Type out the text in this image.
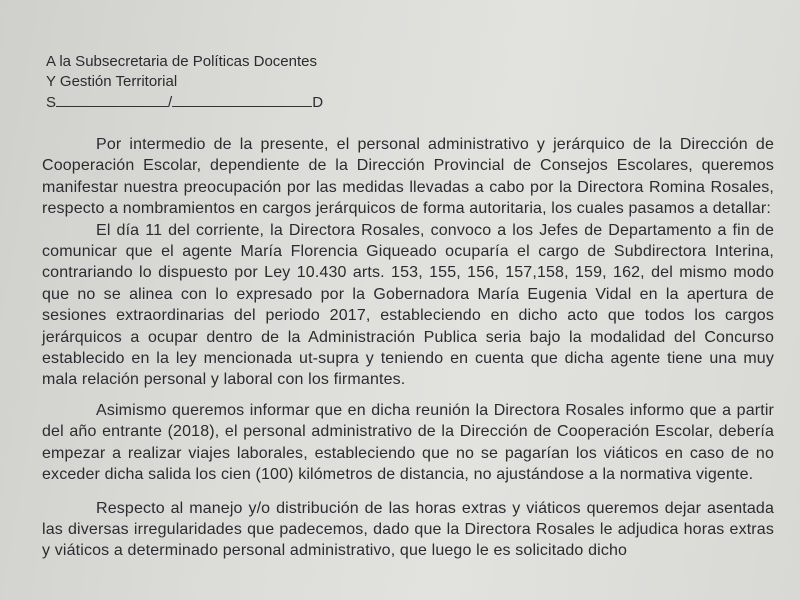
A la Subsecretaria de Políticas Docentes
Y Gestión Territorial
S	/	D

Por intermedio de la presente, el personal administrativo y jerárquico de la Dirección de Cooperación Escolar, dependiente de la Dirección Provincial de Consejos Escolares, queremos manifestar nuestra preocupación por las medidas llevadas a cabo por la Directora Romina Rosales, respecto a nombramientos en cargos jerárquicos de forma autoritaria, los cuales pasamos a detallar:

El día 11 del corriente, la Directora Rosales, convoco a los Jefes de Departamento a fin de comunicar que el agente María Florencia Giqueado ocuparía el cargo de Subdirectora Interina, contrariando lo dispuesto por Ley 10.430 arts. 153, 155, 156, 157,158, 159, 162, del mismo modo que no se alinea con lo expresado por la Gobernadora María Eugenia Vidal en la apertura de sesiones extraordinarias del periodo 2017, estableciendo en dicho acto que todos los cargos jerárquicos a ocupar dentro de la Administración Publica seria bajo la modalidad del Concurso establecido en la ley mencionada ut-supra y teniendo en cuenta que dicha agente tiene una muy mala relación personal y laboral con los firmantes.

Asimismo queremos informar que en dicha reunión la Directora Rosales informo que a partir del año entrante (2018), el personal administrativo de la Dirección de Cooperación Escolar, debería empezar a realizar viajes laborales, estableciendo que no se pagarían los viáticos en caso de no exceder dicha salida los cien (100) kilómetros de distancia, no ajustándose a la normativa vigente.

Respecto al manejo y/o distribución de las horas extras y viáticos queremos dejar asentada las diversas irregularidades que padecemos, dado que la Directora Rosales le adjudica horas extras y viáticos a determinado personal administrativo, que luego le es solicitado dicho
